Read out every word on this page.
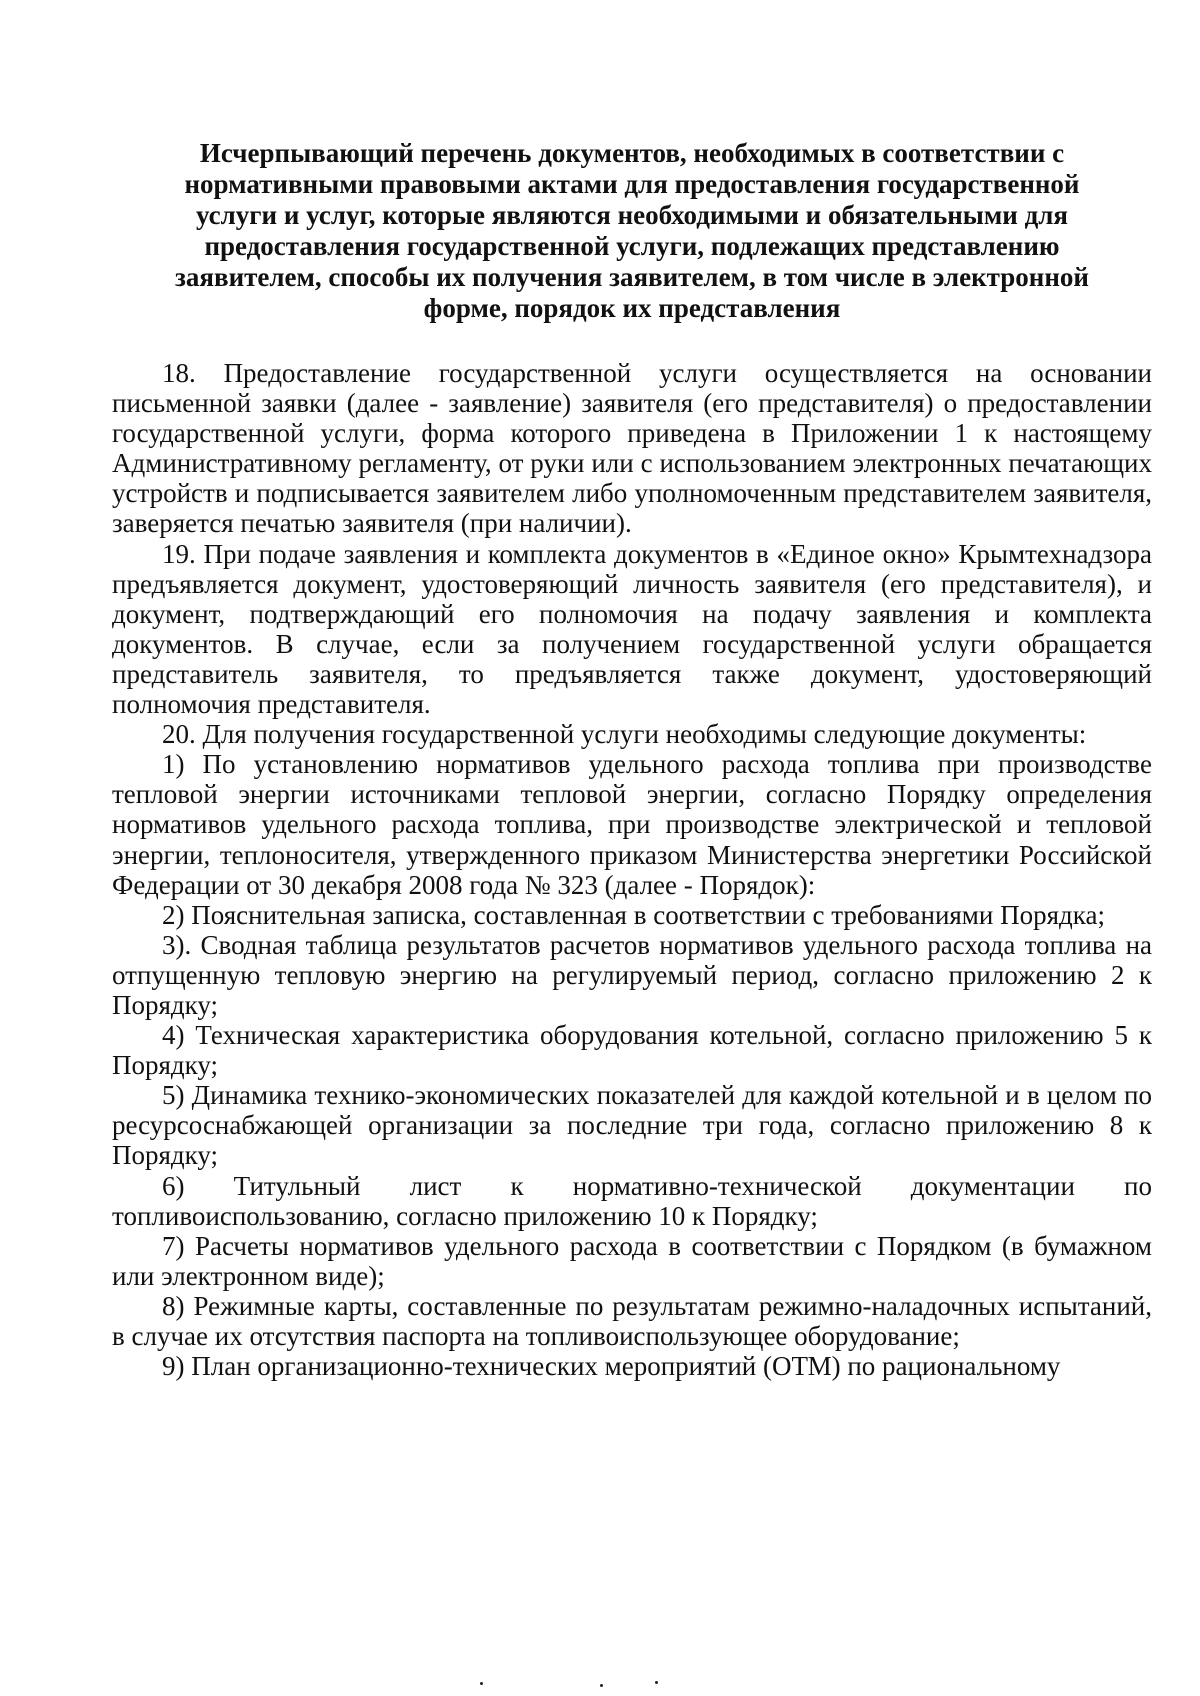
Исчерпывающий перечень документов, необходимых в соответствии с
нормативными правовыми актами для предоставления государственной
услуги и услуг, которые являются необходимыми и обязательными для
предоставления государственной услуги, подлежащих представлению
заявителем, способы их получения заявителем, в том числе в электронной
форме, порядок их представления

18. Предоставление государственной услуги осуществляется на основании письменной заявки (далее - заявление) заявителя (его представителя) о предоставлении государственной услуги, форма которого приведена в Приложении 1 к настоящему Административному регламенту, от руки или с использованием электронных печатающих устройств и подписывается заявителем либо уполномоченным представителем заявителя, заверяется печатью заявителя (при наличии).

19. При подаче заявления и комплекта документов в «Единое окно» Крымтехнадзора предъявляется документ, удостоверяющий личность заявителя (его представителя), и документ, подтверждающий его полномочия на подачу заявления и комплекта документов. В случае, если за получением государственной услуги обращается представитель заявителя, то предъявляется также документ, удостоверяющий полномочия представителя.

20. Для получения государственной услуги необходимы следующие документы:

1) По установлению нормативов удельного расхода топлива при производстве тепловой энергии источниками тепловой энергии, согласно Порядку определения нормативов удельного расхода топлива, при производстве электрической и тепловой энергии, теплоносителя, утвержденного приказом Министерства энергетики Российской Федерации от 30 декабря 2008 года № 323 (далее - Порядок):

2) Пояснительная записка, составленная в соответствии с требованиями Порядка;

3). Сводная таблица результатов расчетов нормативов удельного расхода топлива на отпущенную тепловую энергию на регулируемый период, согласно приложению 2 к Порядку;

4) Техническая характеристика оборудования котельной, согласно приложению 5 к Порядку;

5) Динамика технико-экономических показателей для каждой котельной и в целом по ресурсоснабжающей организации за последние три года, согласно приложению 8 к Порядку;

6) Титульный лист к нормативно-технической документации по топливоиспользованию, согласно приложению 10 к Порядку;

7) Расчеты нормативов удельного расхода в соответствии с Порядком (в бумажном или электронном виде);

8) Режимные карты, составленные по результатам режимно-наладочных испытаний, в случае их отсутствия паспорта на топливоиспользующее оборудование;

9) План организационно-технических мероприятий (ОТМ) по рациональному
